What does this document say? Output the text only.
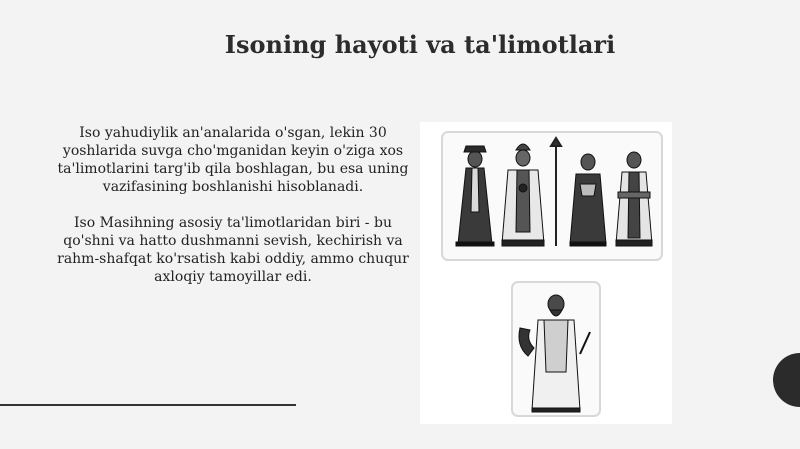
Isoning hayoti va ta'limotlari

Iso yahudiylik an'analarida o'sgan, lekin 30 yoshlarida suvga cho'mganidan keyin o'ziga xos ta'limotlarini targ'ib qila boshlagan, bu esa uning vazifasining boshlanishi hisoblanadi.

Iso Masihning asosiy ta'limotlaridan biri - bu qo'shni va hatto dushmanni sevish, kechirish va rahm-shafqat ko'rsatish kabi oddiy, ammo chuqur axloqiy tamoyillar edi.
